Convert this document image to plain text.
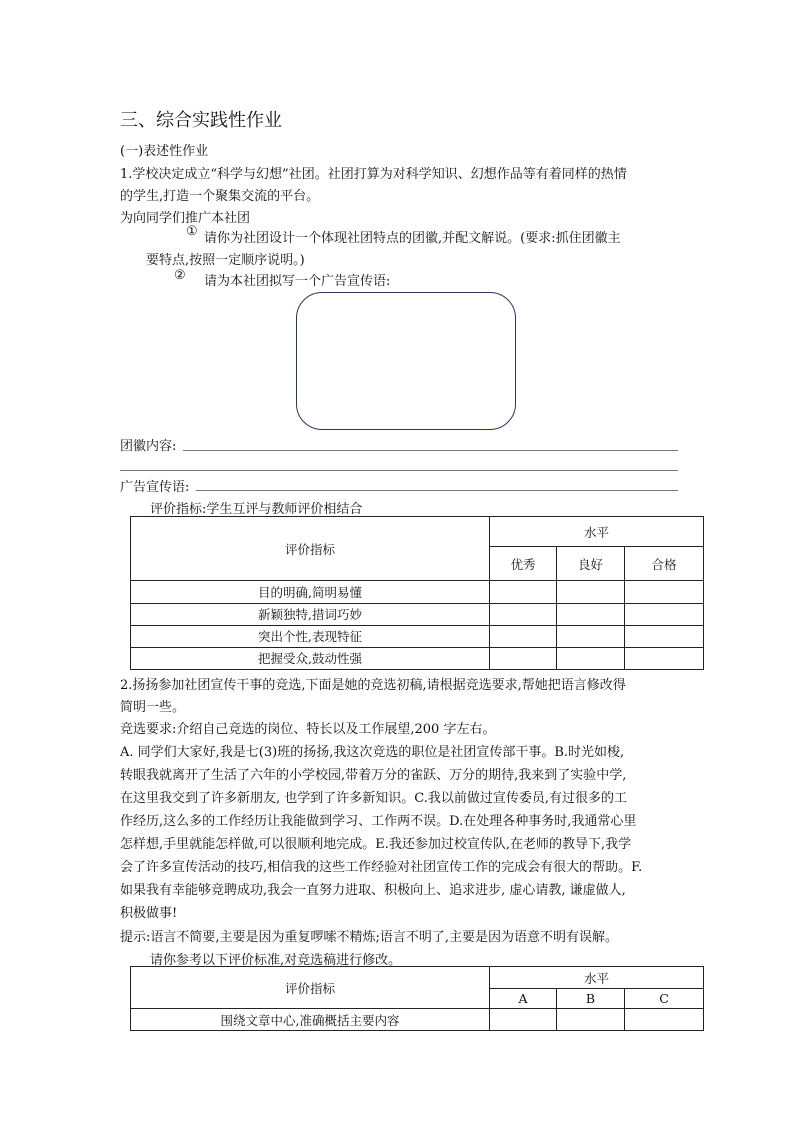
三、综合实践性作业
(一)表述性作业
1.学校决定成立“科学与幻想”社团。社团打算为对科学知识、幻想作品等有着同样的热情
的学生,打造一个聚集交流的平台。
为向同学们推广本社团
① 请你为社团设计一个体现社团特点的团徽,并配文解说。(要求:抓住团徽主
要特点,按照一定顺序说明。)
② 请为本社团拟写一个广告宣传语:
团徽内容:
广告宣传语:
评价指标:学生互评与教师评价相结合
评价指标	水平		
	优秀	良好	合格
目的明确,简明易懂			
新颖独特,措词巧妙			
突出个性,表现特征			
把握受众,鼓动性强			
2.扬扬参加社团宣传干事的竞选,下面是她的竞选初稿,请根据竞选要求,帮她把语言修改得
简明一些。
竞选要求:介绍自己竞选的岗位、特长以及工作展望,200 字左右。
A. 同学们大家好,我是七(3)班的扬扬,我这次竞选的职位是社团宣传部干事。B.时光如梭,
转眼我就离开了生活了六年的小学校园,带着万分的雀跃、万分的期待,我来到了实验中学,
在这里我交到了许多新朋友, 也学到了许多新知识。C.我以前做过宣传委员,有过很多的工
作经历,这么多的工作经历让我能做到学习、工作两不误。D.在处理各种事务时,我通常心里
怎样想,手里就能怎样做,可以很顺利地完成。E.我还参加过校宣传队,在老师的教导下,我学
会了许多宣传活动的技巧,相信我的这些工作经验对社团宣传工作的完成会有很大的帮助。F.
如果我有幸能够竞聘成功,我会一直努力进取、积极向上、追求进步, 虚心请教, 谦虚做人,
积极做事!
提示:语言不简要,主要是因为重复啰嗦不精炼;语言不明了,主要是因为语意不明有误解。
请你参考以下评价标准,对竞选稿进行修改。
评价指标	水平		
	A	B	C
围绕文章中心,准确概括主要内容			
